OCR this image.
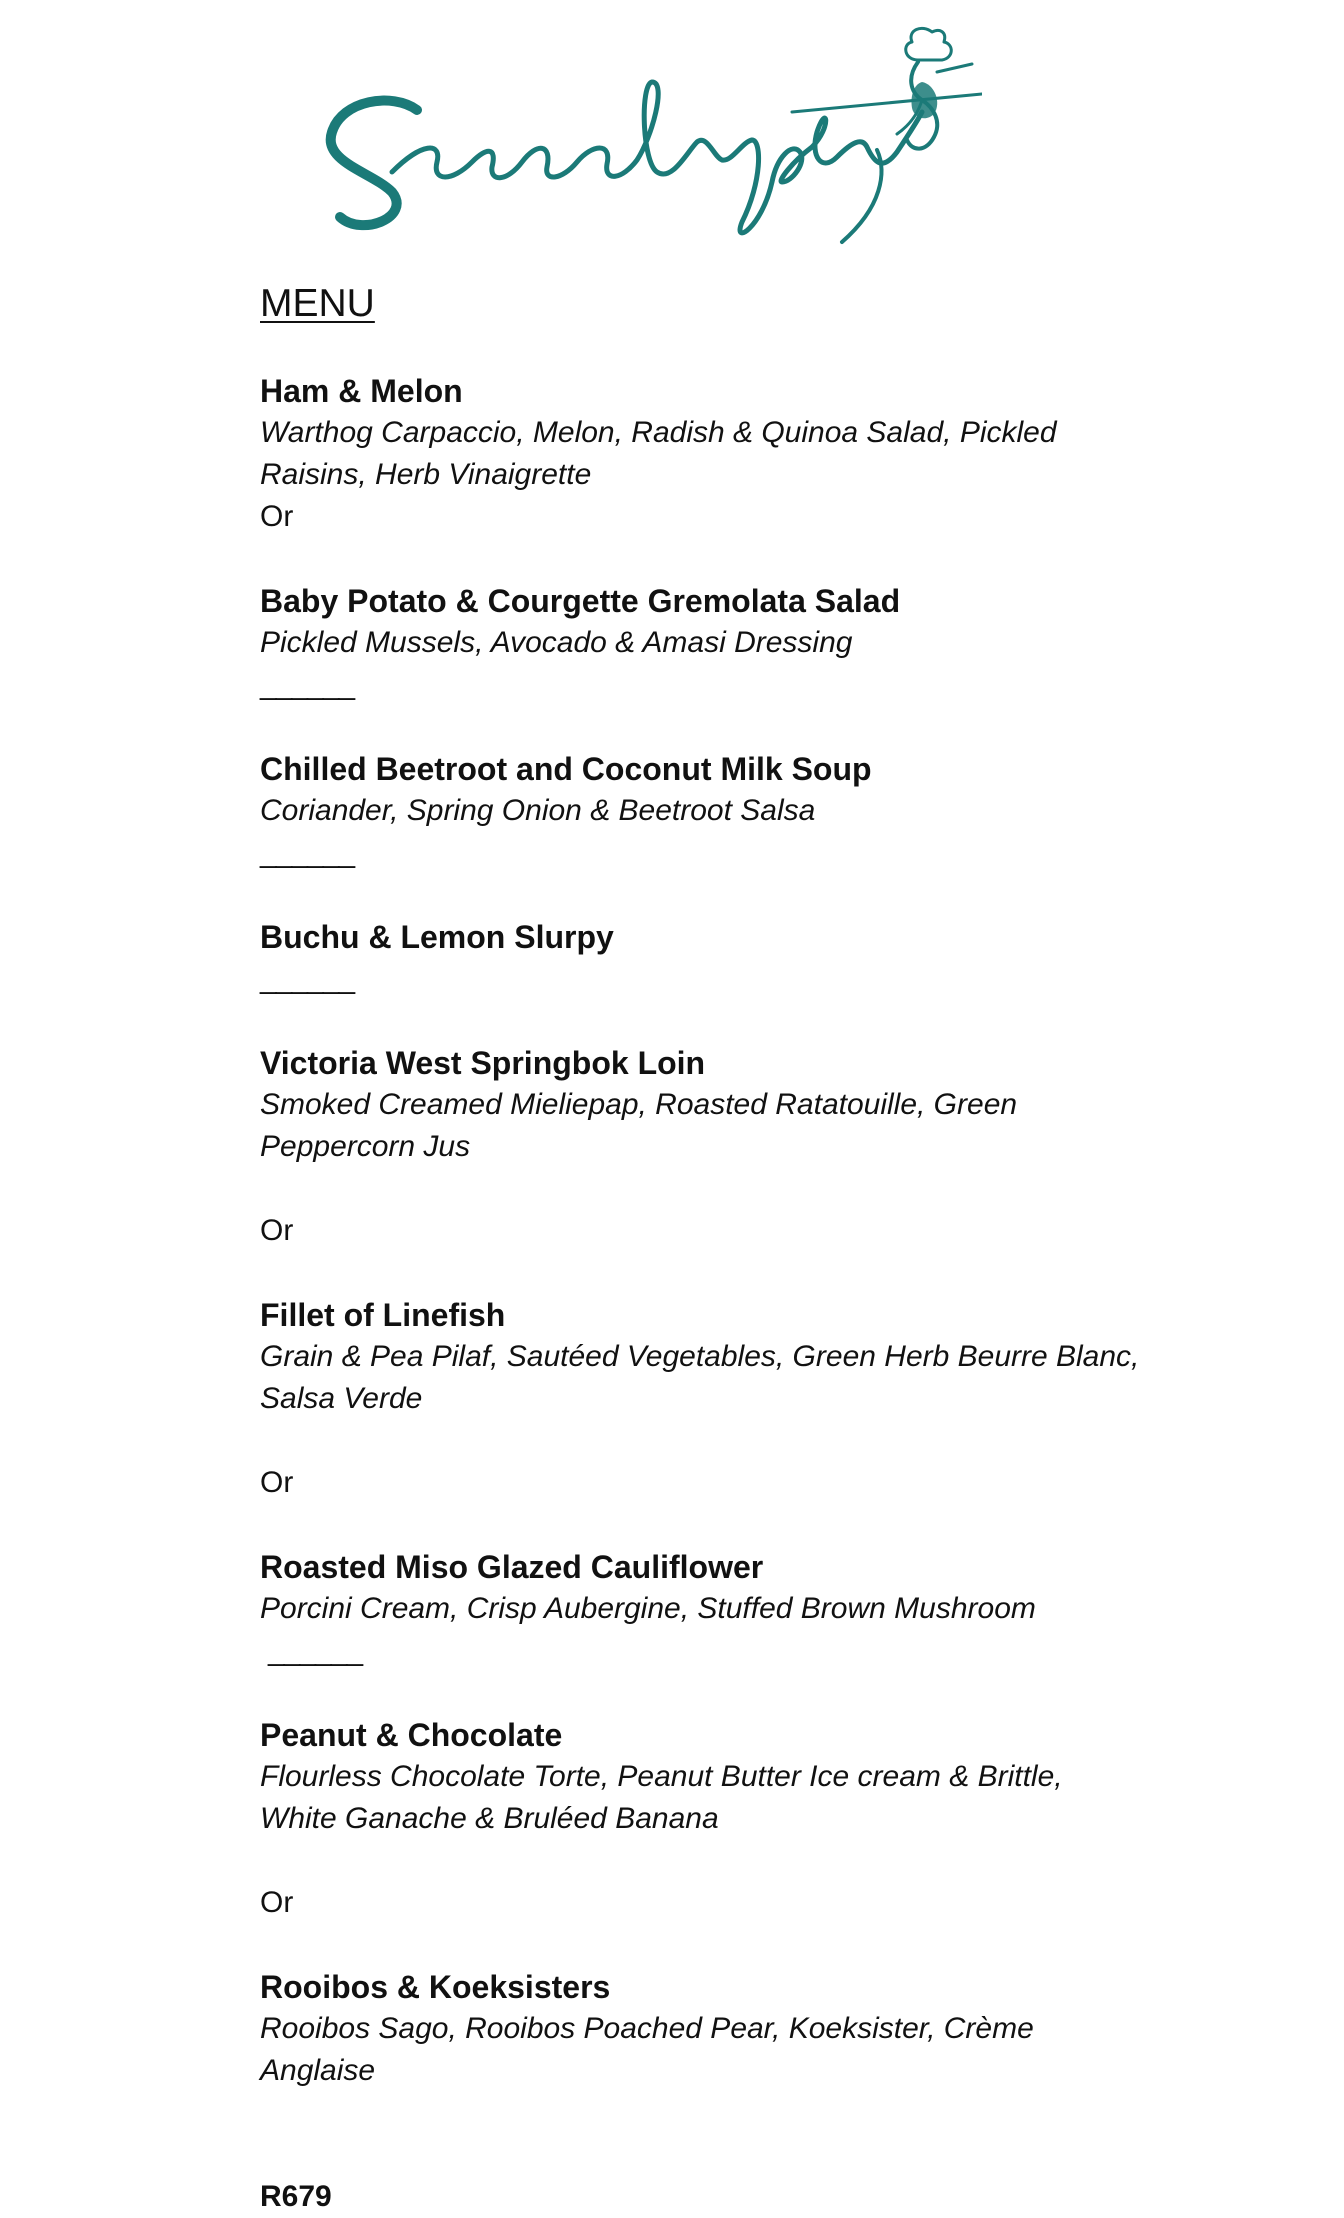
MENU

Ham & Melon

Warthog Carpaccio, Melon, Radish & Quinoa Salad, Pickled Raisins, Herb Vinaigrette

Or

Baby Potato & Courgette Gremolata Salad

Pickled Mussels, Avocado & Amasi Dressing

______

Chilled Beetroot and Coconut Milk Soup

Coriander, Spring Onion & Beetroot Salsa

______

Buchu & Lemon Slurpy

______

Victoria West Springbok Loin

Smoked Creamed Mieliepap, Roasted Ratatouille, Green Peppercorn Jus

Or

Fillet of Linefish

Grain & Pea Pilaf, Sautéed Vegetables, Green Herb Beurre Blanc, Salsa Verde

Or

Roasted Miso Glazed Cauliflower

Porcini Cream, Crisp Aubergine, Stuffed Brown Mushroom

______

Peanut & Chocolate

Flourless Chocolate Torte, Peanut Butter Ice cream & Brittle, White Ganache & Bruléed Banana

Or

Rooibos & Koeksisters

Rooibos Sago, Rooibos Poached Pear, Koeksister, Crème Anglaise

R679
